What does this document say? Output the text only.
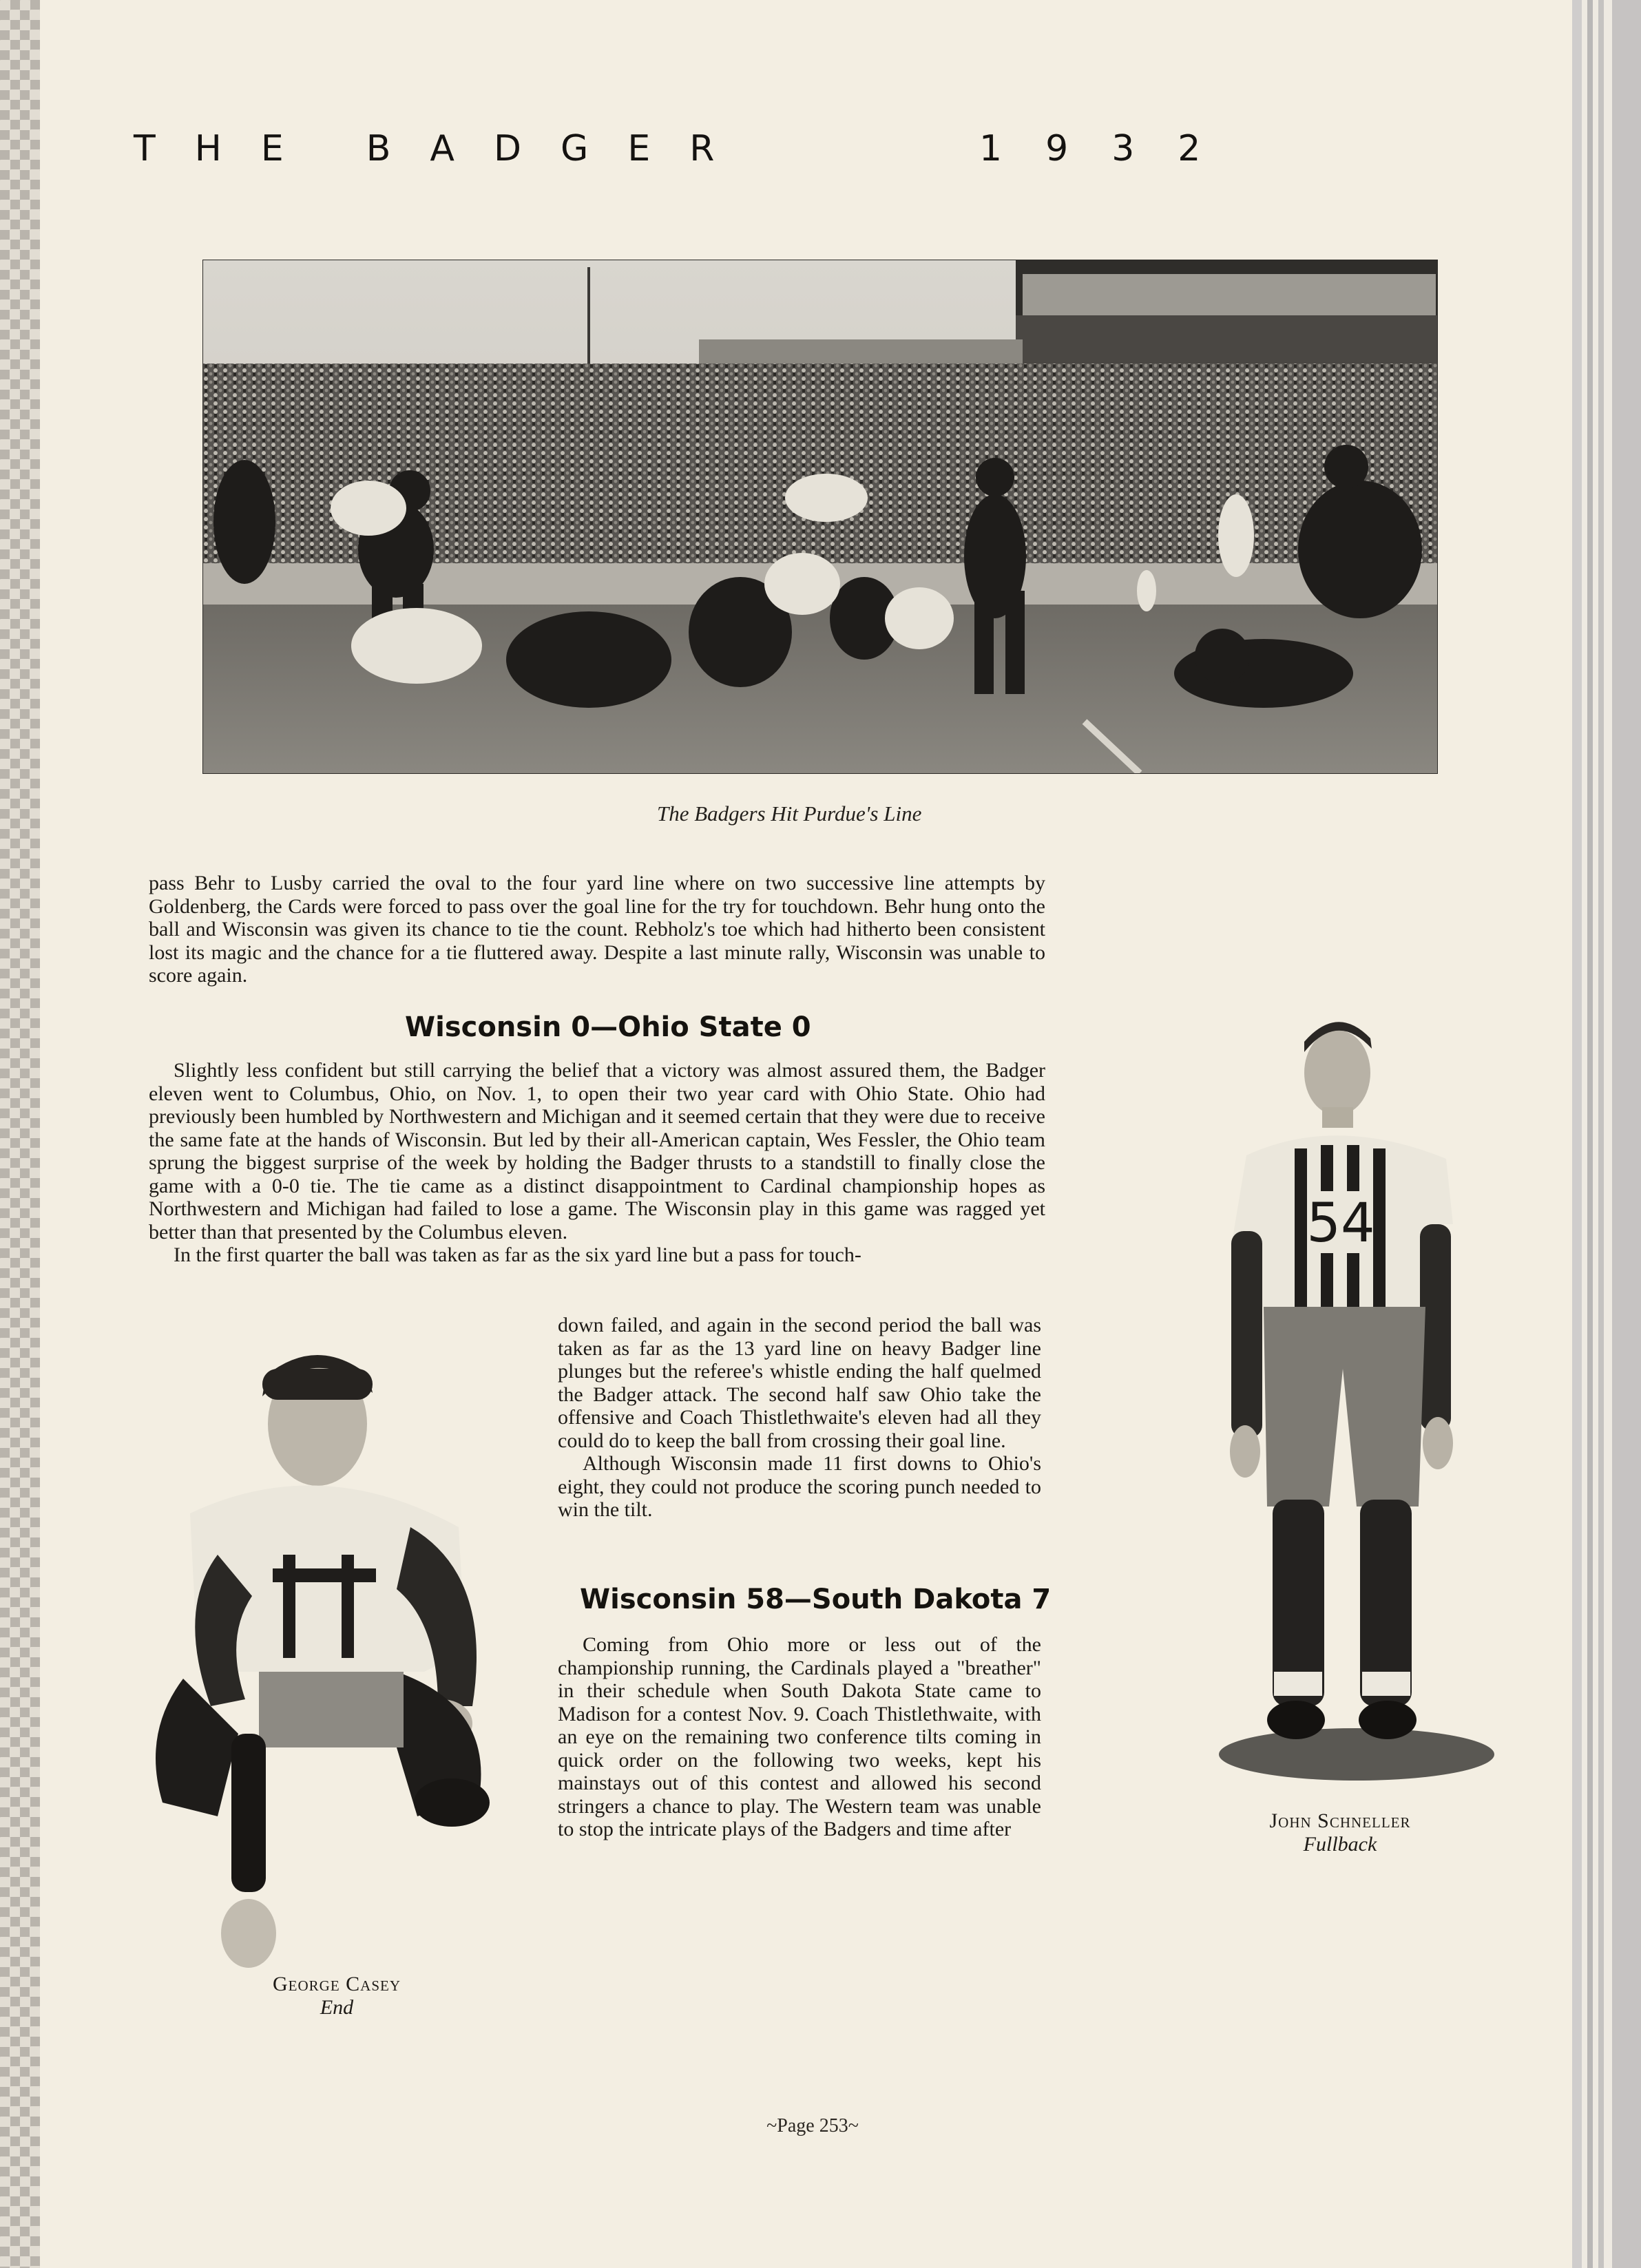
T H E B A D G E R	1 9 3 2
The Badgers Hit Purdue's Line

pass Behr to Lusby carried the oval to the four yard line where on two successive line attempts by Goldenberg, the Cards were forced to pass over the goal line for the try for touchdown. Behr hung onto the ball and Wisconsin was given its chance to tie the count. Rebholz's toe which had hitherto been consistent lost its magic and the chance for a tie fluttered away. Despite a last minute rally, Wisconsin was unable to score again.

Wisconsin 0—Ohio State 0

Slightly less confident but still carrying the belief that a victory was almost assured them, the Badger eleven went to Columbus, Ohio, on Nov. 1, to open their two year card with Ohio State. Ohio had previously been humbled by Northwestern and Michigan and it seemed certain that they were due to receive the same fate at the hands of Wisconsin. But led by their all-American captain, Wes Fessler, the Ohio team sprung the biggest surprise of the week by holding the Badger thrusts to a standstill to finally close the game with a 0-0 tie. The tie came as a distinct disappointment to Cardinal championship hopes as Northwestern and Michigan had failed to lose a game. The Wisconsin play in this game was ragged yet better than that presented by the Columbus eleven.

In the first quarter the ball was taken as far as the six yard line but a pass for touch-

down failed, and again in the second period the ball was taken as far as the 13 yard line on heavy Badger line plunges but the referee's whistle ending the half quelmed the Badger attack. The second half saw Ohio take the offensive and Coach Thistlethwaite's eleven had all they could do to keep the ball from crossing their goal line.

Although Wisconsin made 11 first downs to Ohio's eight, they could not produce the scoring punch needed to win the tilt.

Wisconsin 58—South Dakota 7

Coming from Ohio more or less out of the championship running, the Cardinals played a "breather" in their schedule when South Dakota State came to Madison for a contest Nov. 9. Coach Thistlethwaite, with an eye on the remaining two conference tilts coming in quick order on the following two weeks, kept his mainstays out of this contest and allowed his second stringers a chance to play. The Western team was unable to stop the intricate plays of the Badgers and time after

54
John Schneller
Fullback
George Casey
End
~Page 253~
